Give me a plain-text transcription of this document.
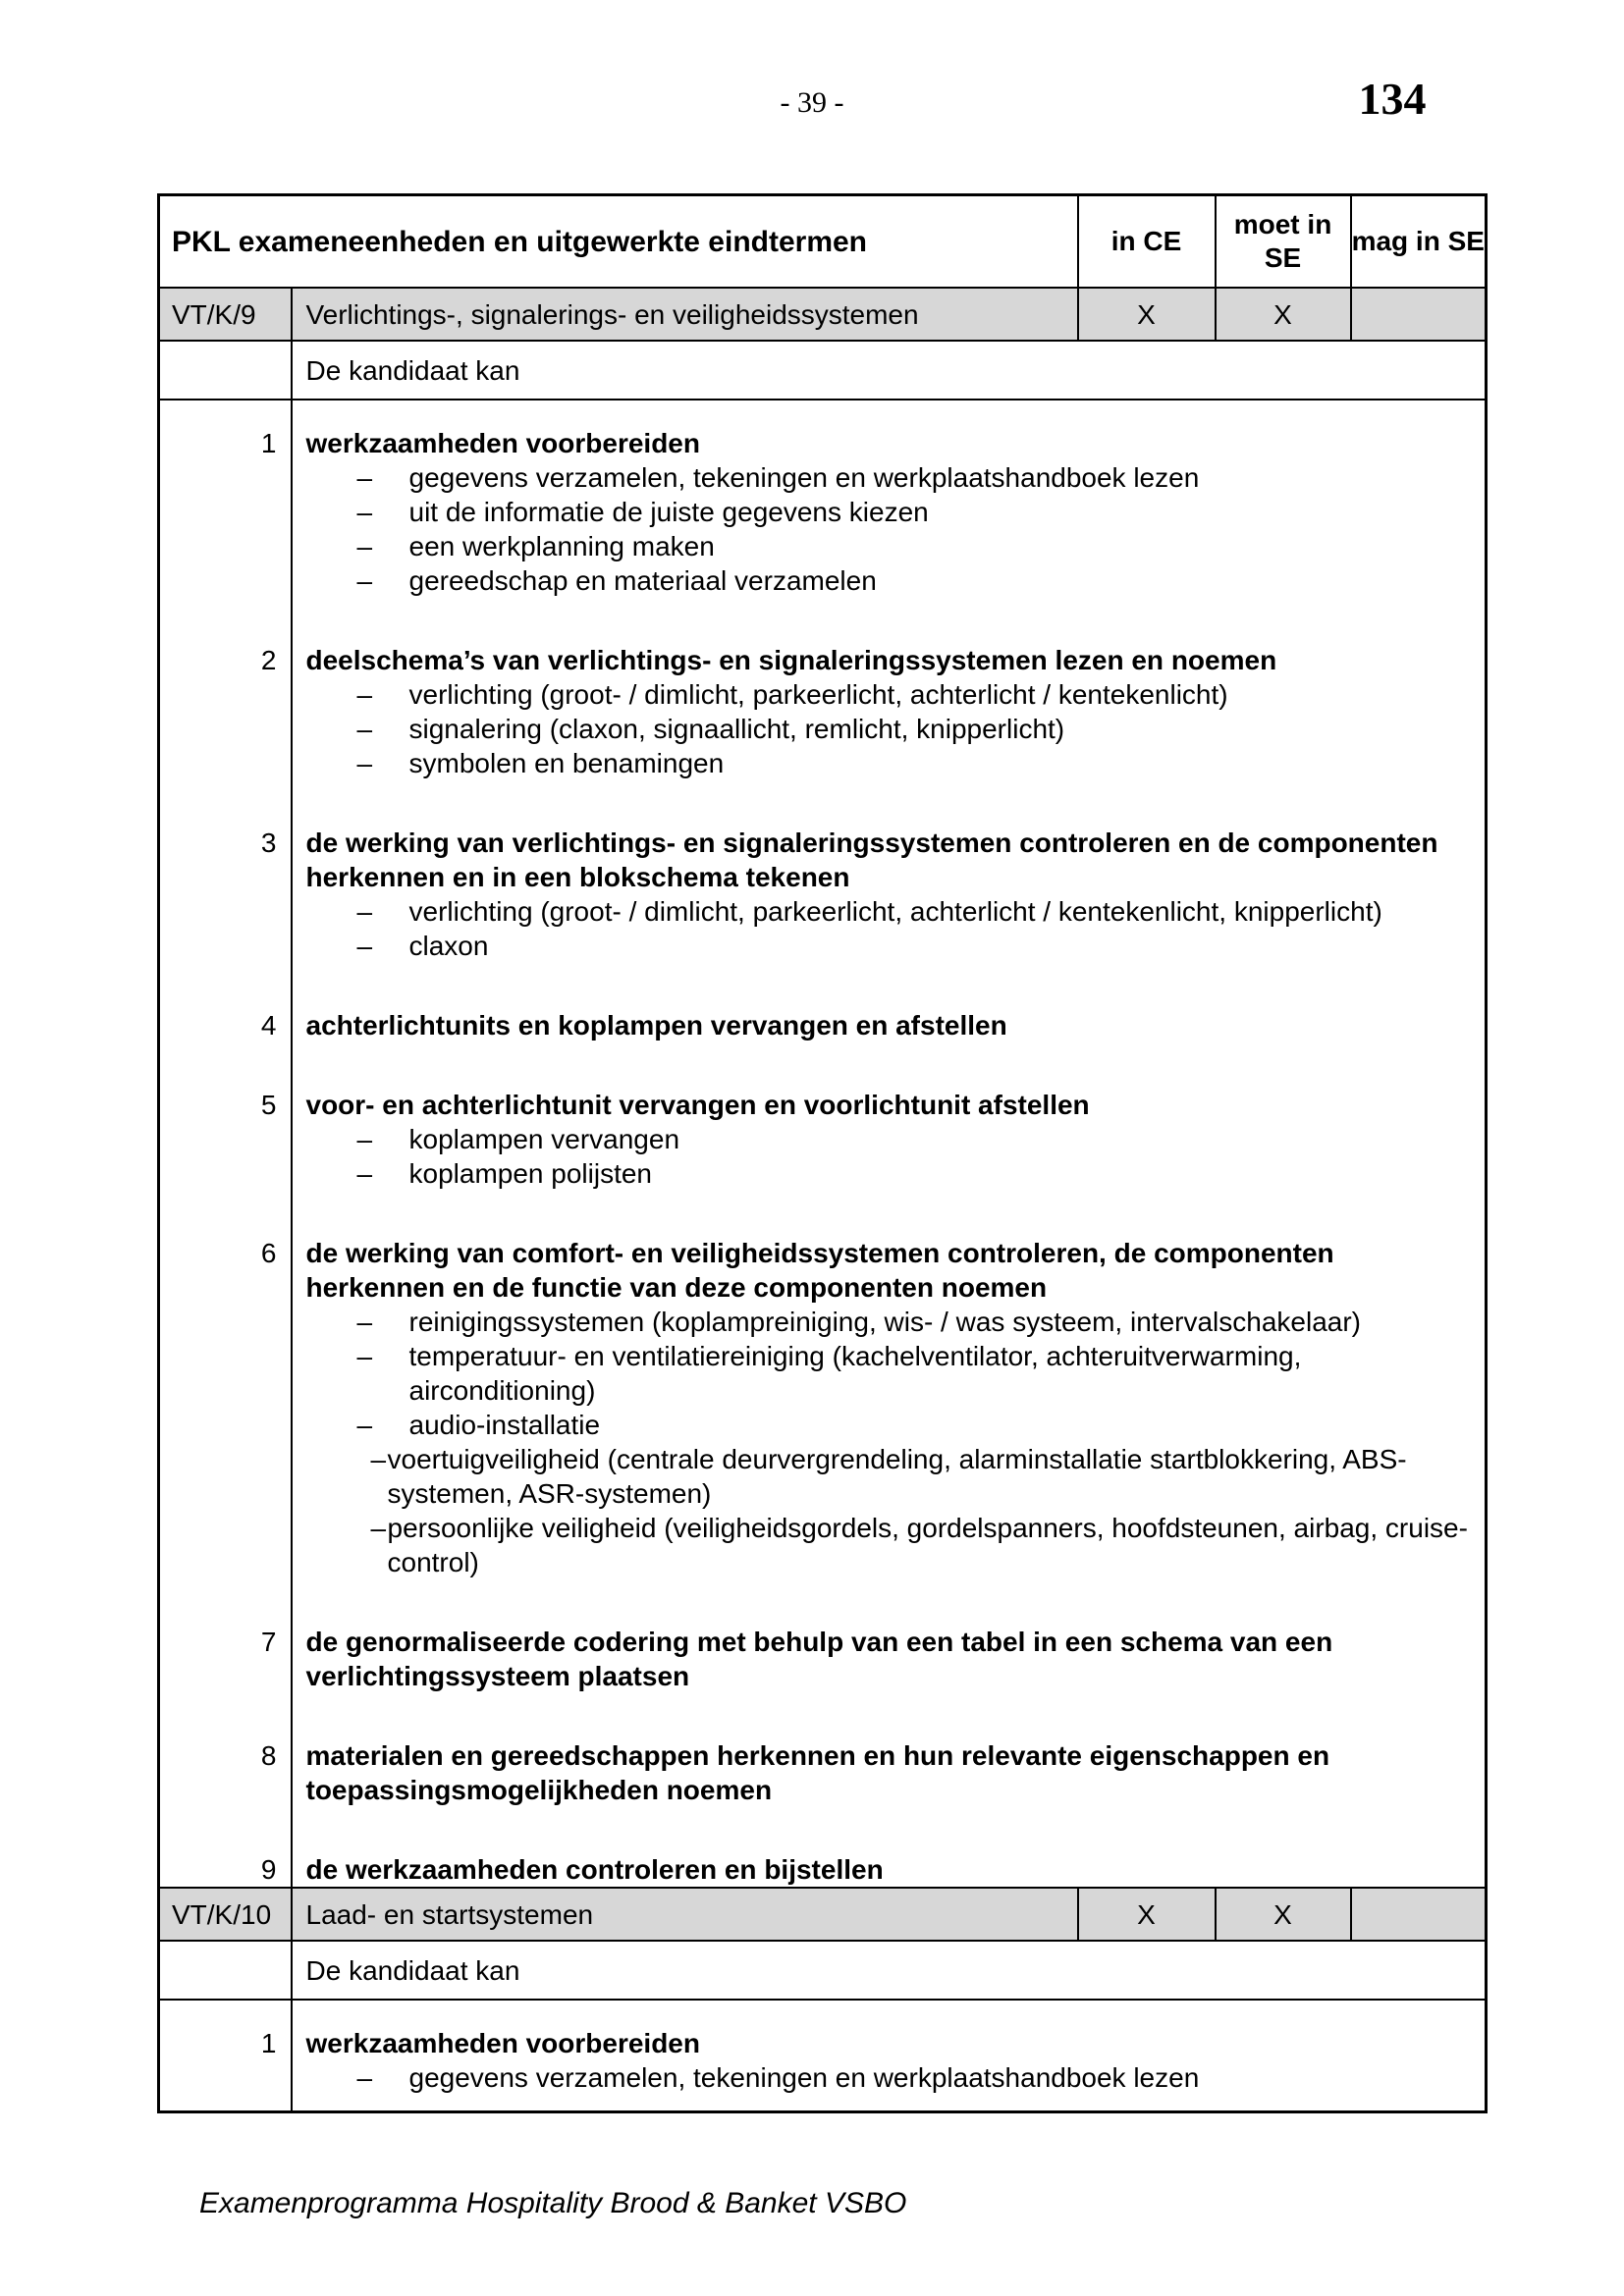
- 39 -	134
PKL exameneenheden en uitgewerkte eindtermen		in CE	moet in SE	mag in SE
VT/K/9	Verlichtings-, signalerings- en veiligheidssystemen	X	X	
	De kandidaat kan			
1	werkzaamheden voorbereiden
–	gegevens verzamelen, tekeningen en werkplaatshandboek lezen
–	uit de informatie de juiste gegevens kiezen
–	een werkplanning maken
–	gereedschap en materiaal verzamelen

2	deelschema’s van verlichtings- en signaleringssystemen lezen en noemen
–	verlichting (groot- / dimlicht, parkeerlicht, achterlicht / kentekenlicht)
–	signalering (claxon, signaallicht, remlicht, knipperlicht)
–	symbolen en benamingen

3	de werking van verlichtings- en signaleringssystemen controleren en de componenten
herkennen en in een blokschema tekenen
–	verlichting (groot- / dimlicht, parkeerlicht, achterlicht / kentekenlicht, knipperlicht)
–	claxon

4	achterlichtunits en koplampen vervangen en afstellen			

5	voor- en achterlichtunit vervangen en voorlichtunit afstellen
– koplampen vervangen
– koplampen polijsten			

6	de werking van comfort- en veiligheidssystemen controleren, de componenten
herkennen en de functie van deze componenten noemen
–	reinigingssystemen (koplampreiniging, wis- / was systeem, intervalschakelaar)
–	temperatuur- en ventilatiereiniging (kachelventilator, achteruitverwarming,
airconditioning)
–	audio-installatie
– voertuigveiligheid (centrale deurvergrendeling, alarminstallatie startblokkering, ABS-
systemen, ASR-systemen)
– persoonlijke veiligheid (veiligheidsgordels, gordelspanners, hoofdsteunen, airbag, cruise-
control)

7	de genormaliseerde codering met behulp van een tabel in een schema van een
verlichtingssysteem plaatsen			

8	materialen en gereedschappen herkennen en hun relevante eigenschappen en
toepassingsmogelijkheden noemen			

9	de werkzaamheden controleren en bijstellen			

VT/K/10	Laad- en startsystemen	X	X	
	De kandidaat kan			
1	werkzaamheden voorbereiden
– gegevens verzamelen, tekeningen en werkplaatshandboek lezen			
Examenprogramma Hospitality Brood & Banket VSBO
